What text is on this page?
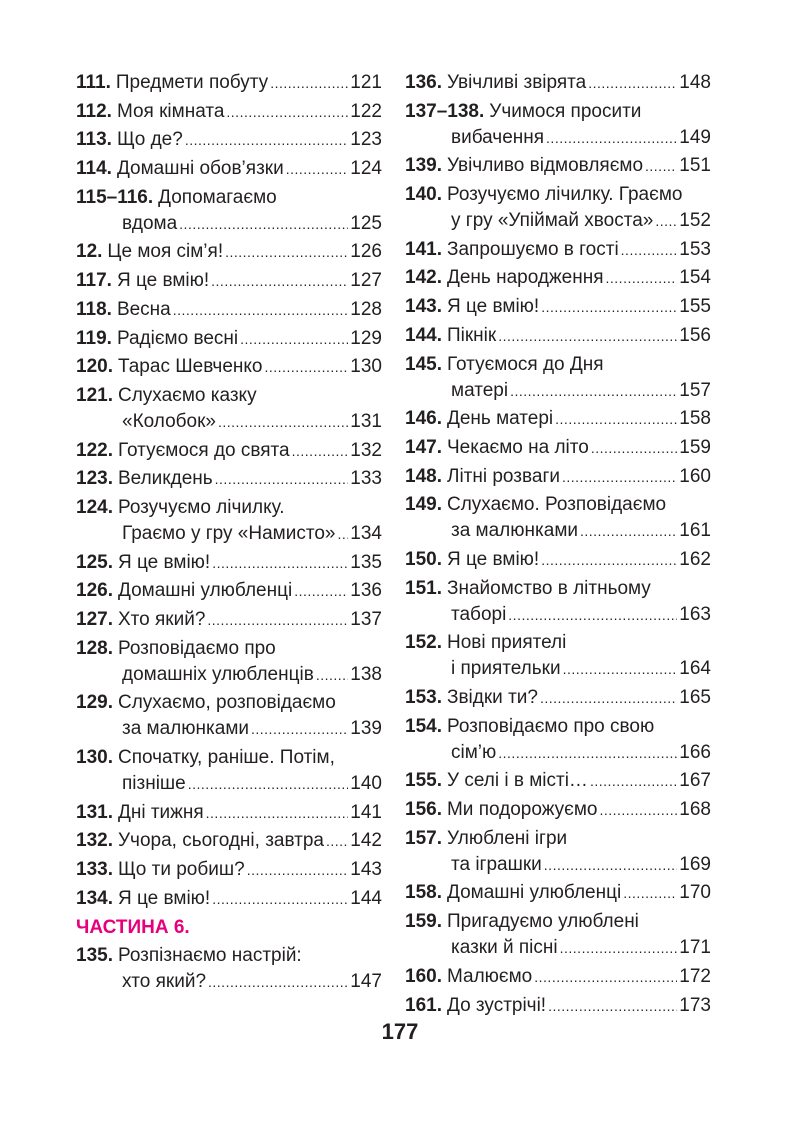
111. Предмети побуту .....	121
112. Моя кімната .....	122
113. Що де? .....	123
114. Домашні обов’язки .....	124
115–116. Допомагаємо
вдома .....	125
12. Це моя сім’я! .....	126
117. Я це вмію! .....	127
118. Весна .....	128
119. Радіємо весні .....	129
120. Тарас Шевченко .....	130
121. Слухаємо казку
«Колобок» .....	131
122. Готуємося до свята .....	132
123. Великдень .....	133
124. Розучуємо лічилку.
Граємо у гру «Намисто» ..... 134
125. Я це вмію! .....	135
126. Домашні улюбленці .....	136
127. Хто який? .....	137
128. Розповідаємо про
домашніх улюбленців ..... 138
129. Слухаємо, розповідаємо
за малюнками .....	139
130. Спочатку, раніше. Потім,
пізніше .....	140
131. Дні тижня .....	141
132. Учора, сьогодні, завтра ..... 142
133. Що ти робиш? .....	143
134. Я це вмію! .....	144
ЧАСТИНА 6.
135. Розпізнаємо настрій:
хто який? .....	147
136. Увічливі звірята .....	148
137–138. Учимося просити
вибачення .....	149
139. Увічливо відмовляємо ..... 151
140. Розучуємо лічилку. Граємо
у гру «Упіймай хвоста» ..... 152
141. Запрошуємо в гості .....	153
142. День народження .....	154
143. Я це вмію! .....	155
144. Пікнік .....	156
145. Готуємося до Дня
матері .....	157
146. День матері .....	158
147. Чекаємо на літо .....	159
148. Літні розваги .....	160
149. Слухаємо. Розповідаємо
за малюнками .....	161
150. Я це вмію! .....	162
151. Знайомство в літньому
таборі .....	163
152. Нові приятелі
і приятельки .....	164
153. Звідки ти? .....	165
154. Розповідаємо про свою
сім’ю .....	166
155. У селі і в місті… .....	167
156. Ми подорожуємо .....	168
157. Улюблені ігри
та іграшки .....	169
158. Домашні улюбленці .....	170
159. Пригадуємо улюблені
казки й пісні .....	171
160. Малюємо .....	172
161. До зустрічі! .....	173
177
